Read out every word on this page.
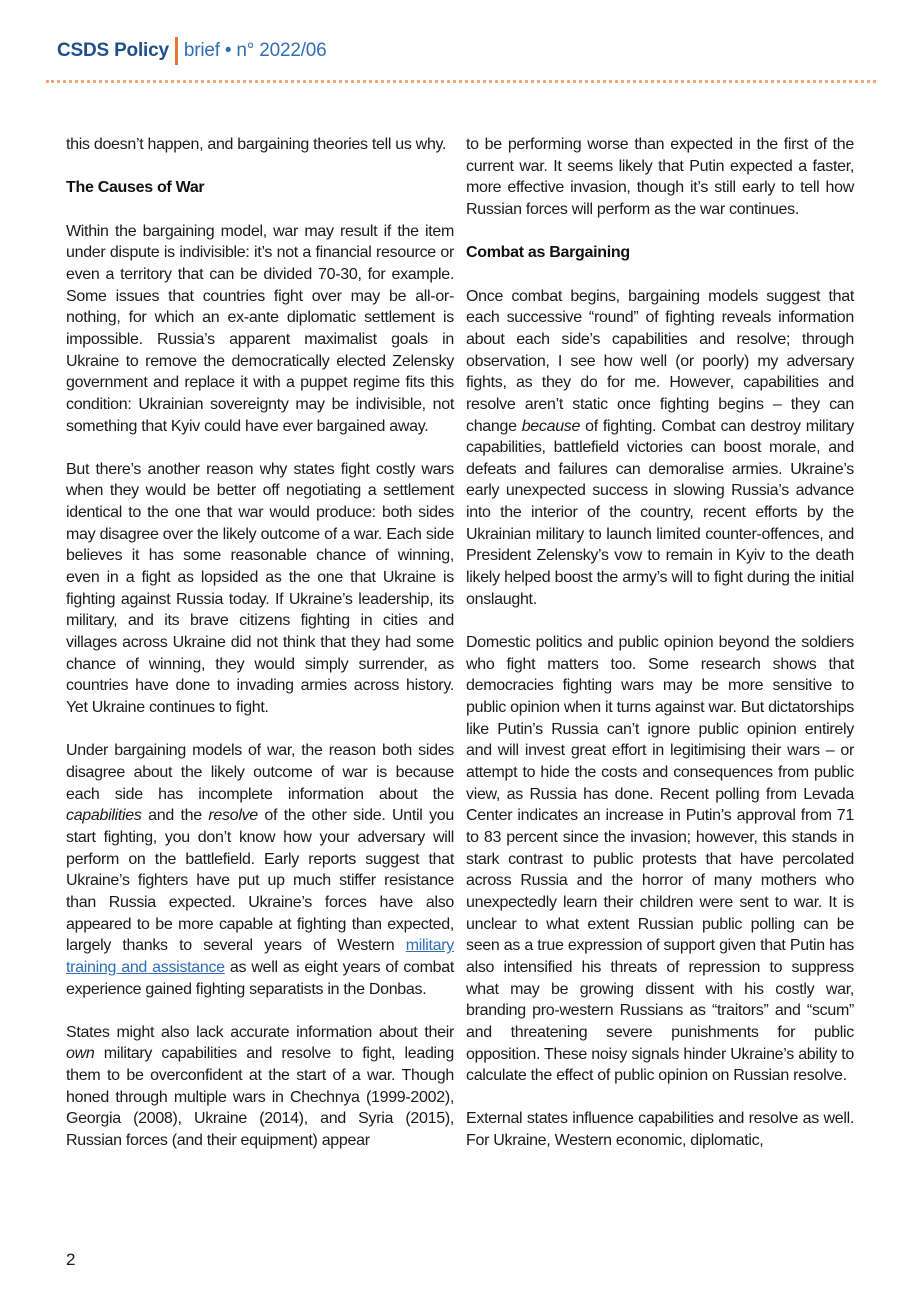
CSDS Policy brief • n° 2022/06

this doesn’t happen, and bargaining theories tell us why.

The Causes of War

Within the bargaining model, war may result if the item under dispute is indivisible: it’s not a financial resource or even a territory that can be divided 70-30, for example. Some issues that countries fight over may be all-or-nothing, for which an ex-ante diplomatic settlement is impossible. Russia’s apparent maximalist goals in Ukraine to remove the democratically elected Zelensky government and replace it with a puppet regime fits this condition: Ukrainian sovereignty may be indivisible, not something that Kyiv could have ever bargained away.

But there’s another reason why states fight costly wars when they would be better off negotiating a settlement identical to the one that war would produce: both sides may disagree over the likely outcome of a war. Each side believes it has some reasonable chance of winning, even in a fight as lopsided as the one that Ukraine is fighting against Russia today. If Ukraine’s leadership, its military, and its brave citizens fighting in cities and villages across Ukraine did not think that they had some chance of winning, they would simply surrender, as countries have done to invading armies across history. Yet Ukraine continues to fight.

Under bargaining models of war, the reason both sides disagree about the likely outcome of war is because each side has incomplete information about the capabilities and the resolve of the other side. Until you start fighting, you don’t know how your adversary will perform on the battlefield. Early reports suggest that Ukraine’s fighters have put up much stiffer resistance than Russia expected. Ukraine’s forces have also appeared to be more capable at fighting than expected, largely thanks to several years of Western military training and assistance as well as eight years of combat experience gained fighting separatists in the Donbas.

States might also lack accurate information about their own military capabilities and resolve to fight, leading them to be overconfident at the start of a war. Though honed through multiple wars in Chechnya (1999-2002), Georgia (2008), Ukraine (2014), and Syria (2015), Russian forces (and their equipment) appear

to be performing worse than expected in the first of the current war. It seems likely that Putin expected a faster, more effective invasion, though it’s still early to tell how Russian forces will perform as the war continues.

Combat as Bargaining

Once combat begins, bargaining models suggest that each successive “round” of fighting reveals information about each side’s capabilities and resolve; through observation, I see how well (or poorly) my adversary fights, as they do for me. However, capabilities and resolve aren’t static once fighting begins – they can change because of fighting. Combat can destroy military capabilities, battlefield victories can boost morale, and defeats and failures can demoralise armies. Ukraine’s early unexpected success in slowing Russia’s advance into the interior of the country, recent efforts by the Ukrainian military to launch limited counter-offences, and President Zelensky’s vow to remain in Kyiv to the death likely helped boost the army’s will to fight during the initial onslaught.

Domestic politics and public opinion beyond the soldiers who fight matters too. Some research shows that democracies fighting wars may be more sensitive to public opinion when it turns against war. But dictatorships like Putin’s Russia can’t ignore public opinion entirely and will invest great effort in legitimising their wars – or attempt to hide the costs and consequences from public view, as Russia has done. Recent polling from Levada Center indicates an increase in Putin’s approval from 71 to 83 percent since the invasion; however, this stands in stark contrast to public protests that have percolated across Russia and the horror of many mothers who unexpectedly learn their children were sent to war. It is unclear to what extent Russian public polling can be seen as a true expression of support given that Putin has also intensified his threats of repression to suppress what may be growing dissent with his costly war, branding pro-western Russians as “traitors” and “scum” and threatening severe punishments for public opposition. These noisy signals hinder Ukraine’s ability to calculate the effect of public opinion on Russian resolve.

External states influence capabilities and resolve as well. For Ukraine, Western economic, diplomatic,

2
